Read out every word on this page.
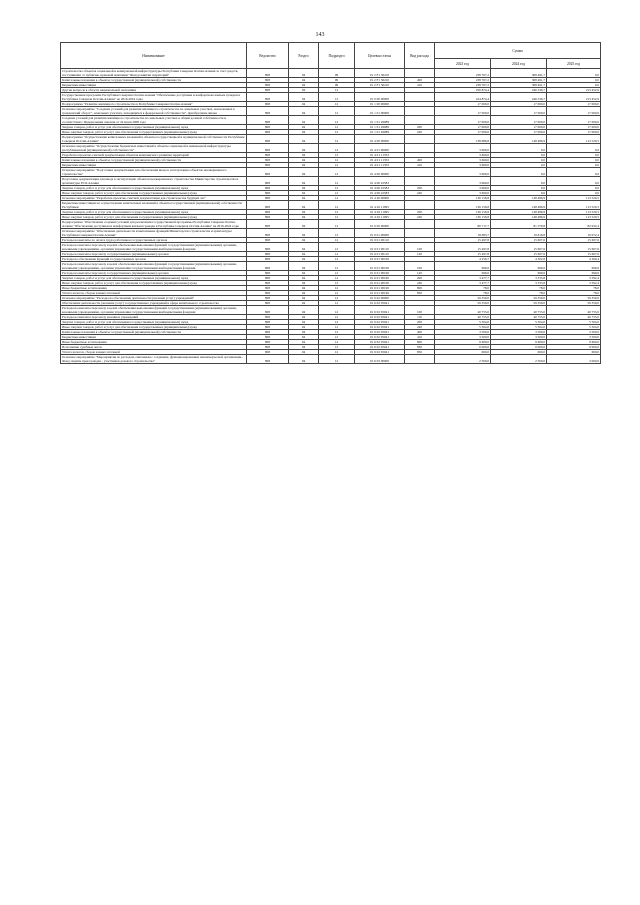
143
Наименование	Ведомство	Раздел	Подраздел	Целевая статья	Вид расхода	Сумма		
						2023 год	2024 год	2025 год
Строительство объектов социальной и коммунальной инфраструктуры Республики Северная Осетия-Алания за счет средств, поступивших от публично-правовой компании "Фонд развития территорий"	808	04	09	01 2 F1 50210		238 767,2	308 491,7	0,0
Капитальные вложения в объекты государственной (муниципальной) собственности	808	04	09	01 2 F1 50210	400	238 767,2	308 491,7	0,0
Бюджетные инвестиции	808	04	09	01 2 F1 50210	410	238 767,2	308 491,7	0,0
Другие вопросы в области национальной экономики	808	04	12			256 874,4	246 536,7	213 452,9
Государственная программа Республики Северная Осетия-Алания "Обеспечение доступным и комфортным жильем граждан в Республике Северная Осетия-Алания" на 2016-2024 годы	808	04	12	01 0 00 00000		224 874,4	246 536,7	213 452,9
Подпрограмма "Развитие жилищного строительства в Республике Северная Осетия-Алания"	808	04	12	01 1 00 00000		17 000,0	17 000,0	17 000,0
Основное мероприятие "Создание условий для развития жилищного строительства на земельных участках, вовлеченных в гражданский оборот", земельных участках, находящихся в федеральной собственности", приобретение жилья	808	04	12	01 1 01 00000		17 000,0	17 000,0	17 000,0
Создание условий для развития жилищного строительства на земельных участках в общей долевой собственности и соответствии с Федеральным законом от 24 июля 2008 года	808	04	12	01 1 01 29089		17 000,0	17 000,0	17 000,0
Закупка товаров, работ и услуг для обеспечения государственных (муниципальных) нужд	808	04	12	01 1 01 29089	200	17 000,0	17 000,0	17 000,0
Иные закупки товаров, работ и услуг для обеспечения государственных (муниципальных) нужд	808	04	12	01 1 01 29089	240	17 000,0	17 000,0	17 000,0
Подпрограмма "Осуществление капитальных вложений в объекты государственной и муниципальной собственности Республики Северная Осетия-Алания"	808	04	12	01 4 00 00000		138 686,8	148 486,9	113 520,5
Основное мероприятие "Осуществление бюджетных инвестиций в объекты социальной и инженерной инфраструктуры республиканской (муниципальной) собственности"	808	04	12	01 4 01 00000		3 660,0	0,0	0,0
Разработка проектно-сметной документации объектов комплексного развития территорий	808	04	12	01 4 01 11353		3 660,0	0,0	0,0
Капитальные вложения в объекты государственной (муниципальной) собственности	808	04	12	01 4 01 11353	400	3 660,0	0,0	0,0
Бюджетные инвестиции	808	04	12	01 4 01 11353	410	3 660,0	0,0	0,0
Основное мероприятие "Подготовка документации для обеспечения ввода в эксплуатацию объектов незавершенного строительства"	808	04	12	01 4 06 00000		3 660,0	0,0	0,0
Подготовка документации для ввода в эксплуатацию объектов незавершенного строительства Министерства строительства и архитектуры РСО-Алания	808	04	12	01 4 06 22583		3 660,0	0,0	0,0
Закупка товаров, работ и услуг для обеспечения государственных (муниципальных) нужд	808	04	12	01 4 06 22583	200	3 660,0	0,0	0,0
Иные закупки товаров, работ и услуг для обеспечения государственных (муниципальных) нужд	808	04	12	01 4 06 22583	240	3 660,0	0,0	0,0
Основное мероприятие "Разработка проектно-сметной документации для строительства будущих лет"	808	04	12	01 4 26 00000		136 156,8	148 486,9	113 520,5
Бюджетные инвестиции на осуществление капитальных вложений в объекты государственной (муниципальной) собственности Республики	808	04	12	01 4 26 11095		136 156,8	148 486,9	113 520,5
Закупка товаров, работ и услуг для обеспечения государственных (муниципальных) нужд	808	04	12	01 4 26 11095	200	136 156,8	148 486,9	113 520,5
Иные закупки товаров, работ и услуг для обеспечения государственных (муниципальных) нужд	808	04	12	01 4 26 11095	240	136 156,8	148 486,9	113 520,5
Подпрограмма "Обеспечение создания условий для реализации государственной программы Республики Северная Осетия-Алания "Обеспечение доступным и комфортным жильем граждан в Республике Северная Осетия-Алания" на 2016-2024 годы	808	04	12	01 6 00 00000		80 717,7	81 579,8	82 932,4
Основное мероприятие "Обеспечение деятельности и выполнение функций Министерства строительства и архитектуры Республики Северная Осетия-Алания"	808	04	12	01 6 01 00000		18 683,7	19 816,8	19 072,4
Расходы на выплаты по оплате труда работников государственных органов	808	04	12	01 6 01 00110		15 497,8	15 607,6	15 607,6
Расходы на выплаты персоналу в целях обеспечения выполнения функций государственными (муниципальными) органами, казенными учреждениями, органами управления государственными внебюджетными фондами	808	04	12	01 6 01 00110	100	15 497,8	15 607,6	15 607,6
Расходы на выплаты персоналу государственных (муниципальных) органов	808	04	12	01 6 01 00110	120	15 497,8	15 607,6	15 607,6
Расходы на обеспечение функций государственных органов	808	04	12	01 6 01 00190		4 256,7	4 302,8	4 369,4
Расходы на выплаты персоналу в целях обеспечения выполнения функций государственными (муниципальными) органами, казенными учреждениями, органами управления государственными внебюджетными фондами	808	04	12	01 6 01 00190	100	699,6	699,6	699,6
Расходы на выплаты персоналу государственных (муниципальных) органов	808	04	12	01 6 01 00190	120	699,6	699,6	699,6
Закупка товаров, работ и услуг для обеспечения государственных (муниципальных) нужд	808	04	12	01 6 01 00190	200	3 477,7	3 535,8	3 592,4
Иные закупки товаров, работ и услуг для обеспечения государственных (муниципальных) нужд	808	04	12	01 6 01 00190	240	3 477,7	3 535,8	3 592,4
Иные бюджетные ассигнования	808	04	12	01 6 01 00190	800	78,0	78,0	78,0
Уплата налогов, сборов и иных платежей	808	04	12	01 6 01 00190	850	78,0	78,0	78,0
Основное мероприятие "Расходы на обеспечение деятельности (оказание услуг) учреждений"	808	04	12	01 6 02 00000		59 359,0	59 359,0	59 359,0
Обеспечение деятельности (оказание услуг) государственных учреждений в сфере капитального строительства	808	04	12	01 6 02 05041		59 359,0	59 359,0	59 359,0
Расходы на выплаты персоналу в целях обеспечения выполнения функций государственными (муниципальными) органами, казенными учреждениями, органами управления государственными внебюджетными фондами	808	04	12	01 6 02 05041	100	40 755,0	40 755,0	40 755,0
Расходы на выплаты персоналу казенных учреждений	808	04	12	01 6 02 05041	110	40 755,0	40 755,0	40 755,0
Закупка товаров, работ и услуг для обеспечения государственных (муниципальных) нужд	808	04	12	01 6 02 05041	200	5 504,0	5 504,0	5 504,0
Иные закупки товаров, работ и услуг для обеспечения государственных (муниципальных) нужд	808	04	12	01 6 02 05041	240	5 504,0	5 504,0	5 504,0
Капитальные вложения в объекты государственной (муниципальной) собственности	808	04	12	01 6 02 05041	400	3 500,0	3 500,0	3 500,0
Бюджетные инвестиции	808	04	12	01 6 02 05041	410	3 500,0	3 500,0	3 500,0
Иные бюджетные ассигнования	808	04	12	01 6 02 05041	800	9 600,0	9 600,0	9 600,0
Исполнение судебных актов	808	04	12	01 6 02 05041	830	9 000,0	9 000,0	9 000,0
Уплата налогов, сборов и иных платежей	808	04	12	01 6 02 05041	850	600,0	600,0	600,0
Основное мероприятие "Мероприятия по расходам, связанным с созданием, функционированием некоммерческой организации - Фонд защиты прав граждан - участников долевого строительства"	808	04	12	01 6 03 00000		2 500,0	2 500,0	3 000,0
